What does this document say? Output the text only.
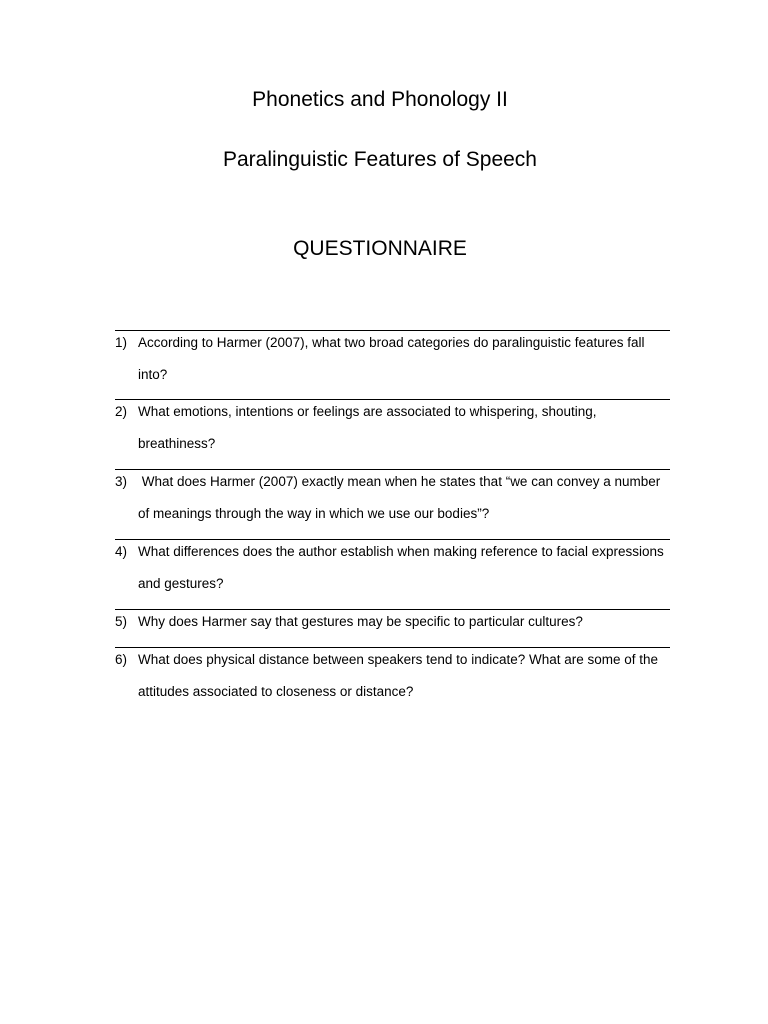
Phonetics and Phonology II
Paralinguistic Features of Speech
QUESTIONNAIRE
1) According to Harmer (2007), what two broad categories do paralinguistic features fall into?
2) What emotions, intentions or feelings are associated to whispering, shouting, breathiness?
3) What does Harmer (2007) exactly mean when he states that “we can convey a number of meanings through the way in which we use our bodies”?
4) What differences does the author establish when making reference to facial expressions and gestures?
5) Why does Harmer say that gestures may be specific to particular cultures?
6) What does physical distance between speakers tend to indicate? What are some of the attitudes associated to closeness or distance?
